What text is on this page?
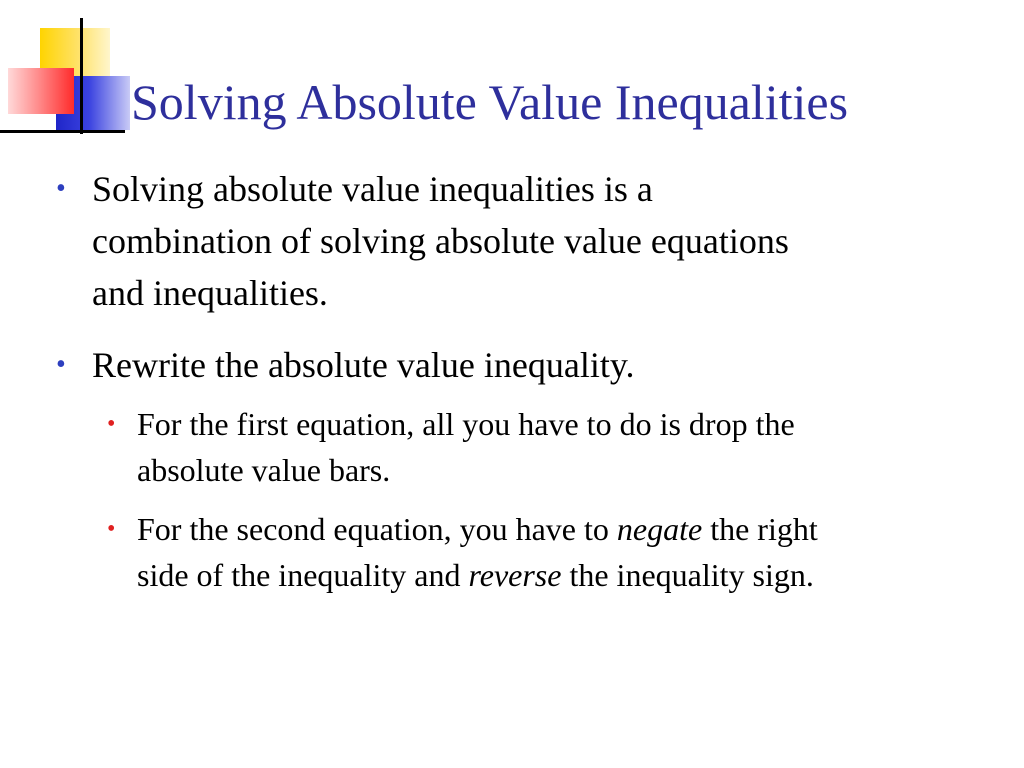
Solving Absolute Value Inequalities
• Solving absolute value inequalities is a
combination of solving absolute value equations
and inequalities.
• Rewrite the absolute value inequality.
• For the first equation, all you have to do is drop the
absolute value bars.
• For the second equation, you have to negate the right
side of the inequality and reverse the inequality sign.
